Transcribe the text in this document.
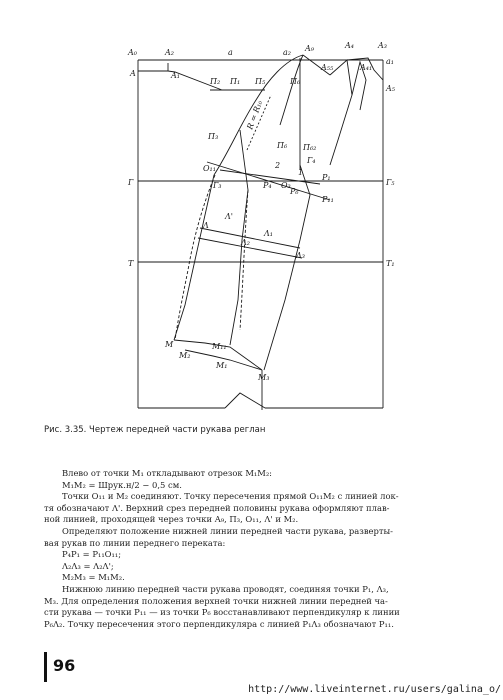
A₀	A₂	a	a₂ A₉	A₄	A₃
A	A₁
a₁
П₂ П₁ П₅	П₆
A₅₅	A₄₁
A₅
R = R₁₀
П₃
П₆ П₆₂
Г₄
O₁₁	2
1
Г	Г₃	Р₄ O₃
Р₁
Р₆
Р₁₁
Г₅
Λ'
Λ
Λ₂
Λ₁
Λ₃
Т	Т₁
M	M₁₁
M₂
M₁
M₃
Рис. 3.35. Чертеж передней части рукава реглан

Влево от точки M₁ откладывают отрезок M₁M₂:

M₁M₂ = Шрук.н/2 − 0,5 см.

Точки O₁₁ и M₂ соединяют. Точку пересечения прямой O₁₁M₂ с линией лок-

тя обозначают Λ'. Верхний срез передней половины рукава оформляют плав-

ной линией, проходящей через точки A₉, П₃, O₁₁, Λ' и M₂.

Определяют положение нижней линии передней части рукава, разверты-

вая рукав по линии переднего переката:

P₄P₁ = P₁₁O₁₁;

Λ₂Λ₃ = Λ₂Λ';

M₂M₃ = M₁M₂.

Нижнюю линию передней части рукава проводят, соединяя точки P₁, Λ₃,

M₃. Для определения положения верхней точки нижней линии передней ча-

сти рукава — точки P₁₁ — из точки P₆ восстанавливают перпендикуляр к линии

P₆Λ₂. Точку пересечения этого перпендикуляра с линией P₁Λ₃ обозначают P₁₁.

96
http://www.liveinternet.ru/users/galina_o/
